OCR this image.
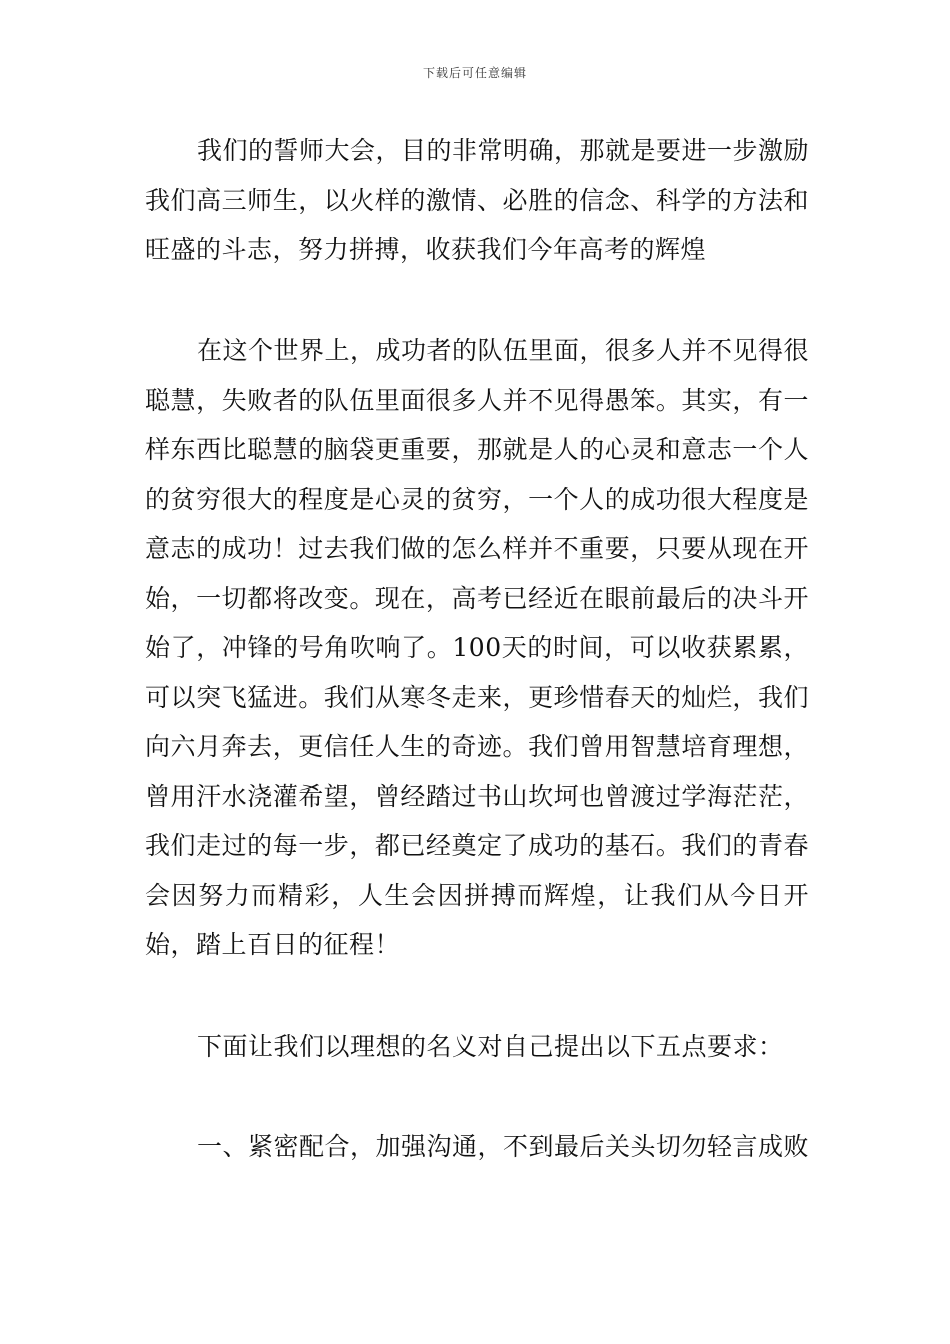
下载后可任意编辑

我们的誓师大会，目的非常明确，那就是要进一步激励我们高三师生，以火样的激情、必胜的信念、科学的方法和旺盛的斗志，努力拼搏，收获我们今年高考的辉煌

在这个世界上，成功者的队伍里面，很多人并不见得很聪慧，失败者的队伍里面很多人并不见得愚笨。其实，有一样东西比聪慧的脑袋更重要，那就是人的心灵和意志一个人的贫穷很大的程度是心灵的贫穷，一个人的成功很大程度是意志的成功！过去我们做的怎么样并不重要，只要从现在开始，一切都将改变。现在，高考已经近在眼前最后的决斗开始了，冲锋的号角吹响了。100天的时间，可以收获累累，可以突飞猛进。我们从寒冬走来，更珍惜春天的灿烂，我们向六月奔去，更信任人生的奇迹。我们曾用智慧培育理想，曾用汗水浇灌希望，曾经踏过书山坎坷也曾渡过学海茫茫，我们走过的每一步，都已经奠定了成功的基石。我们的青春会因努力而精彩，人生会因拼搏而辉煌，让我们从今日开始，踏上百日的征程！

下面让我们以理想的名义对自己提出以下五点要求：

一、紧密配合，加强沟通，不到最后关头切勿轻言成败
